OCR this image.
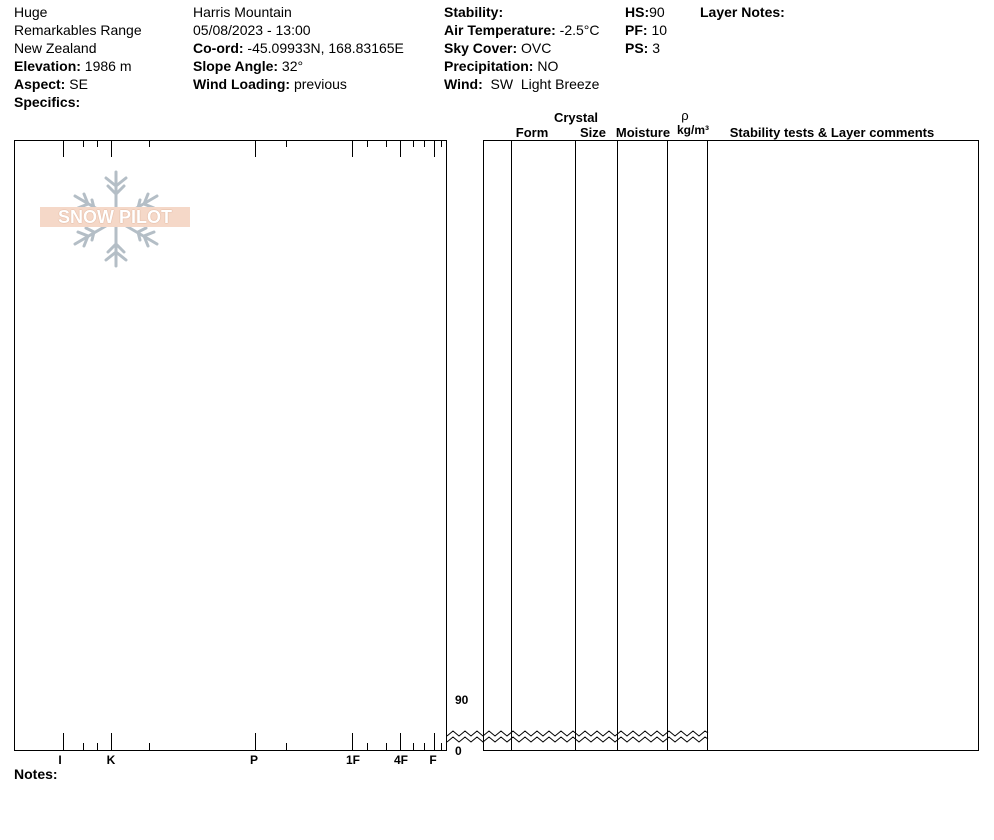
Huge
Remarkables Range
New Zealand
Elevation: 1986 m
Aspect: SE
Specifics:
Harris Mountain
05/08/2023 - 13:00
Co-ord: -45.09933N, 168.83165E
Slope Angle: 32°
Wind Loading: previous
Stability:
Air Temperature: -2.5°C
Sky Cover: OVC
Precipitation: NO
Wind:  SW  Light Breeze
HS:90
PF: 10
PS: 3
Layer Notes:
Crystal
Form	Size Moisture
ρ
kg/m³	Stability tests & Layer comments
SNOW PILOT
90
0
I	K	P	1F	4F F
Notes:
